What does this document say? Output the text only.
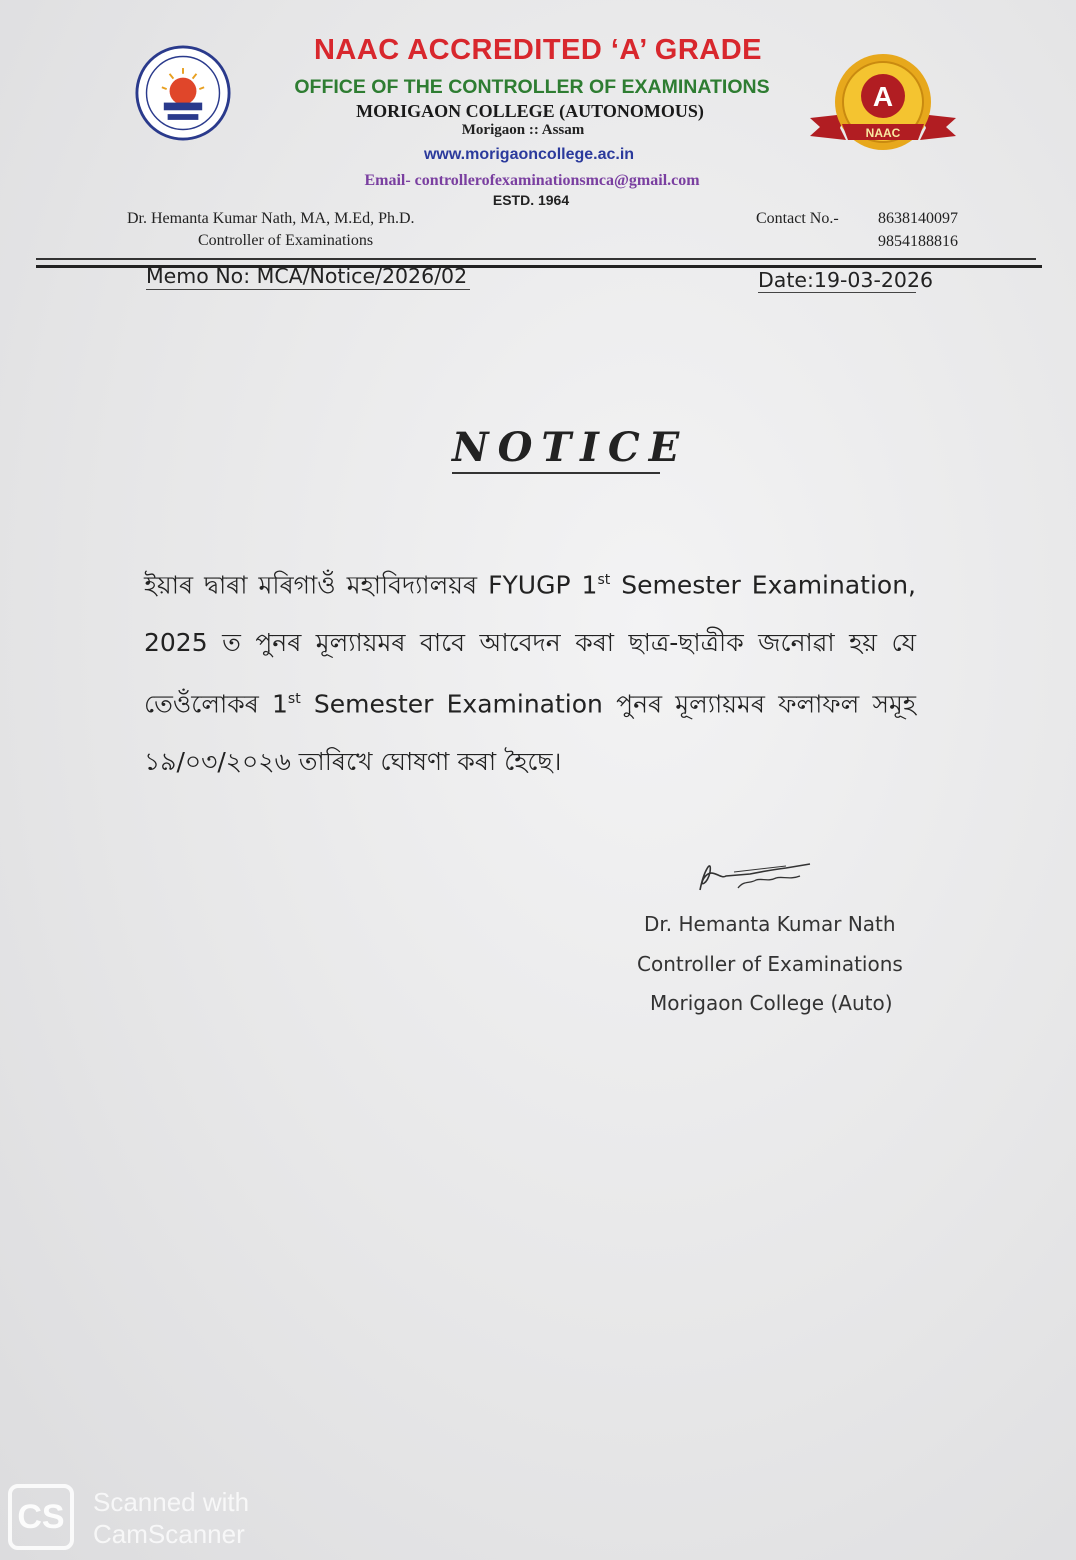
A
NAAC
NAAC ACCREDITED ‘A’ GRADE
OFFICE OF THE CONTROLLER OF EXAMINATIONS
MORIGAON COLLEGE (AUTONOMOUS)
Morigaon :: Assam
www.morigaoncollege.ac.in
Email- controllerofexaminationsmca@gmail.com
ESTD. 1964
Dr. Hemanta Kumar Nath, MA, M.Ed, Ph.D.
Controller of Examinations
Contact No.- 8638140097
9854188816
Memo No: MCA/Notice/2026/02	Date:19-03-2026
NOTICE
ইয়াৰ দ্বাৰা মৰিগাওঁ মহাবিদ্যালয়ৰ FYUGP 1st Semester Examination, 2025 ত পুনৰ মূল্যায়মৰ বাবে আবেদন কৰা ছাত্ৰ-ছাত্ৰীক জনোৱা হয় যে তেওঁলোকৰ 1st Semester Examination পুনৰ মূল্যায়মৰ ফলাফল সমূহ ১৯/০৩/২০২৬ তাৰিখে ঘোষণা কৰা হৈছে।
Dr. Hemanta Kumar Nath
Controller of Examinations
Morigaon College (Auto)
CS	Scanned with
CamScanner
